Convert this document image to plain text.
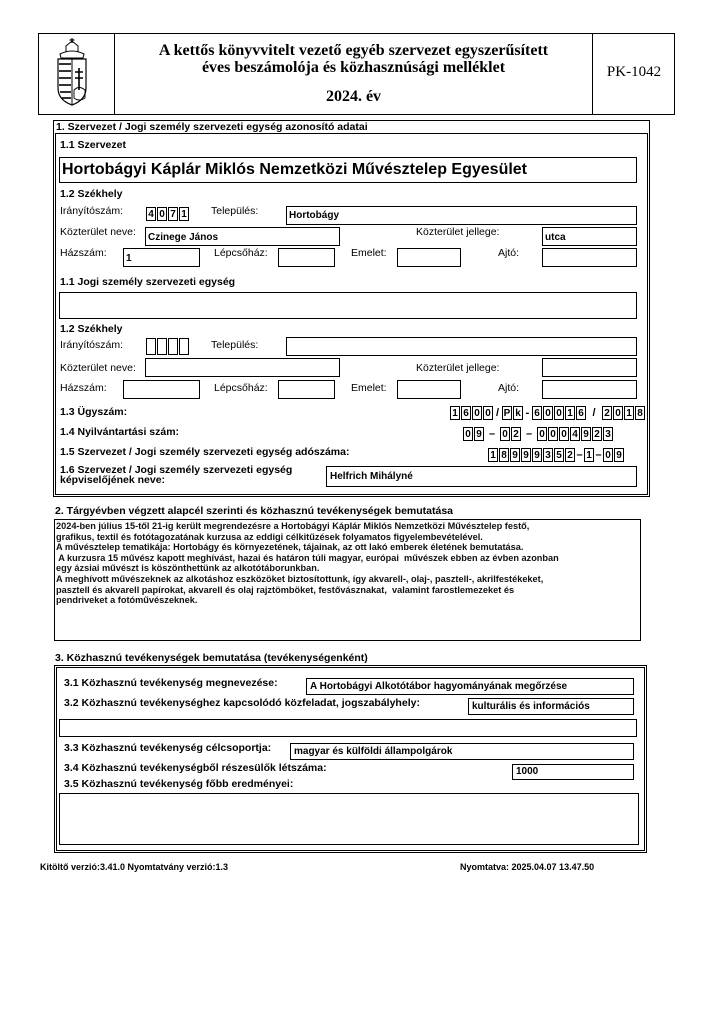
A kettős könyvvitelt vezető egyéb szervezet egyszerűsített
éves beszámolója és közhasznúsági melléklet
2024. év
PK-1042
1. Szervezet / Jogi személy szervezeti egység azonosító adatai
1.1 Szervezet
Hortobágyi Káplár Miklós Nemzetközi Művésztelep Egyesület
1.2 Székhely
Irányítószám:	4 0 7 1 Település:	Hortobágy
Közterület neve: Czinege János	Közterület jellege:	utca
Házszám: 1	Lépcsőház:	Emelet:	Ajtó:
1.1 Jogi személy szervezeti egység
1.2 Székhely
Irányítószám:	Település:
Közterület neve:	Közterület jellege:
Házszám:	Lépcsőház:	Emelet:	Ajtó:
1.3 Ügyszám:	1 6 0 0 / P k - 6 0 0 1 6 / 2 0 1 8
1.4 Nyilvántartási szám:	0 9 – 0 2 – 0 0 0 4 9 2 3
1.5 Szervezet / Jogi személy szervezeti egység adószáma:	1 8 9 9 9 3 5 2 – 1 – 0 9
1.6 Szervezet / Jogi személy szervezeti egység
képviselőjének neve:	Helfrich Mihályné
2. Tárgyévben végzett alapcél szerinti és közhasznú tevékenységek bemutatása
2024-ben július 15-től 21-ig került megrendezésre a Hortobágyi Káplár Miklós Nemzetközi Művésztelep festő,
grafikus, textil és fotótagozatának kurzusa az eddigi célkitűzések folyamatos figyelembevételével.
A művésztelep tematikája: Hortobágy és környezetének, tájainak, az ott lakó emberek életének bemutatása.
A kurzusra 15 művész kapott meghívást, hazai és határon túli magyar, európai  művészek ebben az évben azonban
egy ázsiai művészt is köszönthettünk az alkotótáborunkban.
A meghívott művészeknek az alkotáshoz eszközöket biztosítottunk, így akvarell-, olaj-, pasztell-, akrilfestékeket,
pasztell és akvarell papírokat, akvarell és olaj rajztömböket, festővásznakat,  valamint farostlemezeket és
pendriveket a fotóművészeknek.
3. Közhasznú tevékenységek bemutatása (tevékenységenként)
3.1 Közhasznú tevékenység megnevezése:	A Hortobágyi Alkotótábor hagyományának megőrzése
3.2 Közhasznú tevékenységhez kapcsolódó közfeladat, jogszabályhely:	kulturális és információs
3.3 Közhasznú tevékenység célcsoportja: magyar és külföldi állampolgárok
3.4 Közhasznú tevékenységből részesülők létszáma:	1000
3.5 Közhasznú tevékenység főbb eredményei:
Kitöltő verzió:3.41.0 Nyomtatvány verzió:1.3	Nyomtatva: 2025.04.07 13.47.50
